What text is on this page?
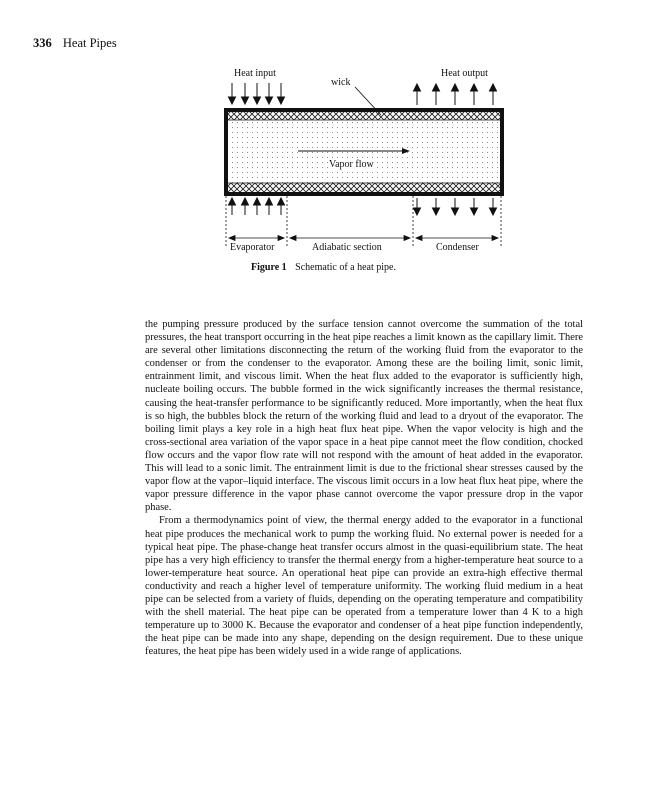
336 Heat Pipes
Heat input	Heat output
wick
Vapor flow
Evaporator	Adiabatic section	Condenser
Figure 1 Schematic of a heat pipe.

the pumping pressure produced by the surface tension cannot overcome the summation of the total pressures, the heat transport occurring in the heat pipe reaches a limit known as the capillary limit. There are several other limitations disconnecting the return of the working fluid from the evaporator to the condenser or from the condenser to the evaporator. Among these are the boiling limit, sonic limit, entrainment limit, and viscous limit. When the heat flux added to the evaporator is sufficiently high, nucleate boiling occurs. The bubble formed in the wick significantly increases the thermal resistance, causing the heat-transfer performance to be significantly reduced. More importantly, when the heat flux is so high, the bubbles block the return of the working fluid and lead to a dryout of the evaporator. The boiling limit plays a key role in a high heat flux heat pipe. When the vapor velocity is high and the cross-sectional area variation of the vapor space in a heat pipe cannot meet the flow condition, chocked flow occurs and the vapor flow rate will not respond with the amount of heat added in the evaporator. This will lead to a sonic limit. The entrainment limit is due to the frictional shear stresses caused by the vapor flow at the vapor–liquid interface. The viscous limit occurs in a low heat flux heat pipe, where the vapor pressure difference in the vapor phase cannot overcome the vapor pressure drop in the vapor phase.

From a thermodynamics point of view, the thermal energy added to the evaporator in a functional heat pipe produces the mechanical work to pump the working fluid. No external power is needed for a typical heat pipe. The phase-change heat transfer occurs almost in the quasi-equilibrium state. The heat pipe has a very high efficiency to transfer the thermal energy from a higher-temperature heat source to a lower-temperature heat source. An operational heat pipe can provide an extra-high effective thermal conductivity and reach a higher level of temperature uniformity. The working fluid medium in a heat pipe can be selected from a variety of fluids, depending on the operating temperature and compatibility with the shell material. The heat pipe can be operated from a temperature lower than 4 K to a high temperature up to 3000 K. Because the evaporator and condenser of a heat pipe function independently, the heat pipe can be made into any shape, depending on the design requirement. Due to these unique features, the heat pipe has been widely used in a wide range of applications.
